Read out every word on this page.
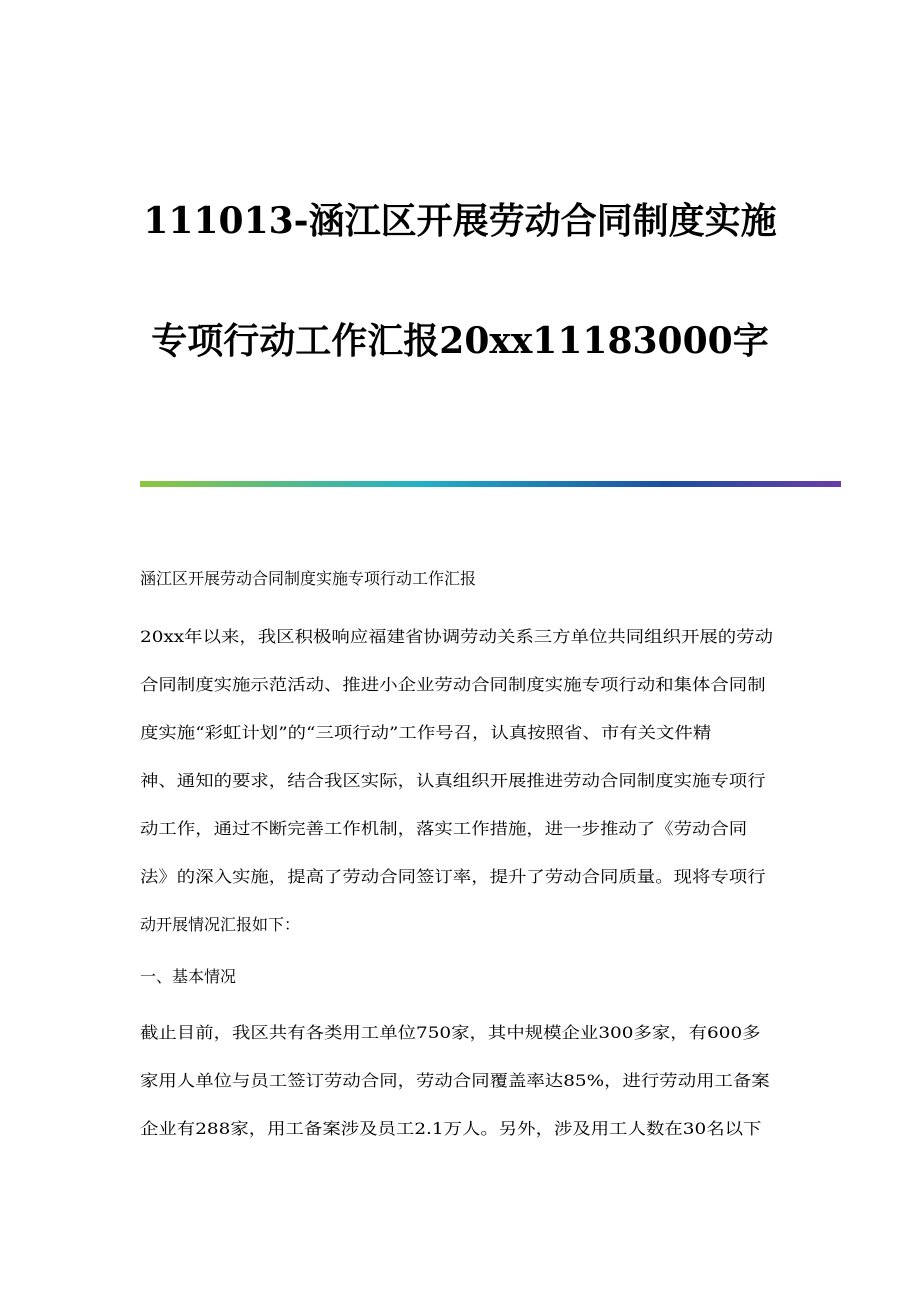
111013-涵江区开展劳动合同制度实施
专项行动工作汇报20xx11183000字
涵江区开展劳动合同制度实施专项行动工作汇报
20xx年以来，我区积极响应福建省协调劳动关系三方单位共同组织开展的劳动
合同制度实施示范活动、推进小企业劳动合同制度实施专项行动和集体合同制
度实施“彩虹计划”的“三项行动”工作号召，认真按照省、市有关文件精
神、通知的要求，结合我区实际，认真组织开展推进劳动合同制度实施专项行
动工作，通过不断完善工作机制，落实工作措施，进一步推动了《劳动合同
法》的深入实施，提高了劳动合同签订率，提升了劳动合同质量。现将专项行
动开展情况汇报如下：
一、基本情况
截止目前，我区共有各类用工单位750家，其中规模企业300多家，有600多
家用人单位与员工签订劳动合同，劳动合同覆盖率达85%，进行劳动用工备案
企业有288家，用工备案涉及员工2.1万人。另外，涉及用工人数在30名以下
